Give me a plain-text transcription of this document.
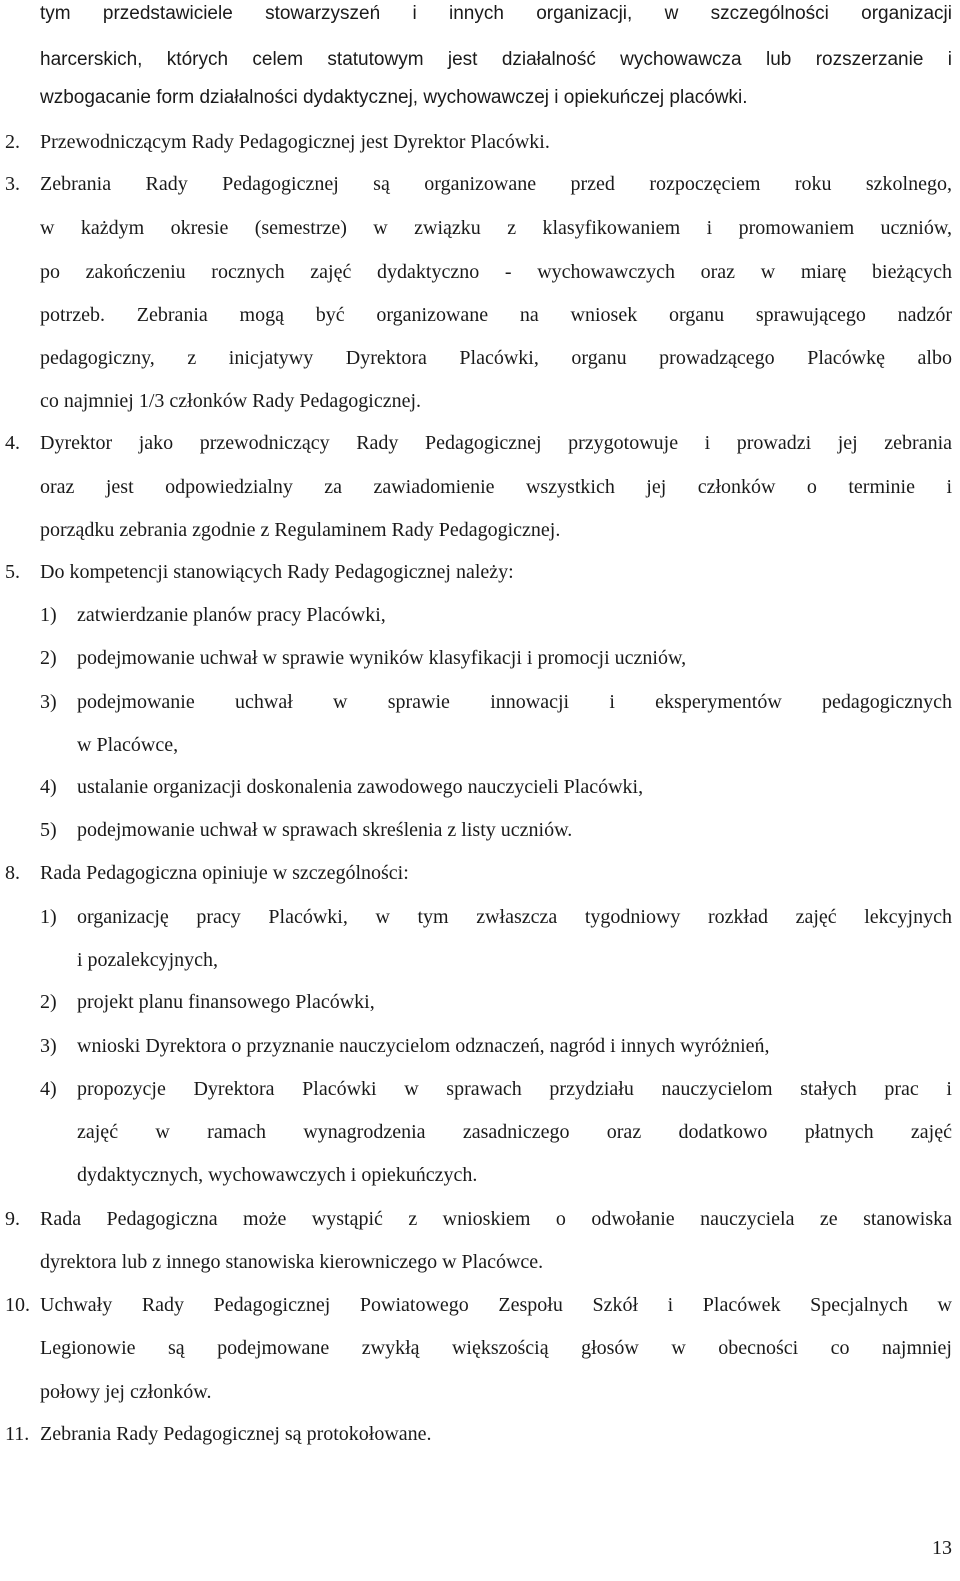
tym przedstawiciele stowarzyszeń i innych organizacji, w szczególności organizacji
harcerskich, których celem statutowym jest działalność wychowawcza lub rozszerzanie i
wzbogacanie form działalności dydaktycznej, wychowawczej i opiekuńczej placówki.
2. Przewodniczącym Rady Pedagogicznej jest Dyrektor Placówki.
3. Zebrania Rady Pedagogicznej są organizowane przed rozpoczęciem roku szkolnego,
w każdym okresie (semestrze) w związku z klasyfikowaniem i promowaniem uczniów,
po zakończeniu rocznych zajęć dydaktyczno - wychowawczych oraz w miarę bieżących
potrzeb. Zebrania mogą być organizowane na wniosek organu sprawującego nadzór
pedagogiczny, z inicjatywy Dyrektora Placówki, organu prowadzącego Placówkę albo
co najmniej 1/3 członków Rady Pedagogicznej.
4. Dyrektor jako przewodniczący Rady Pedagogicznej przygotowuje i prowadzi jej zebrania
oraz jest odpowiedzialny za zawiadomienie wszystkich jej członków o terminie i
porządku zebrania zgodnie z Regulaminem Rady Pedagogicznej.
5. Do kompetencji stanowiących Rady Pedagogicznej należy:
1) zatwierdzanie planów pracy Placówki,
2) podejmowanie uchwał w sprawie wyników klasyfikacji i promocji uczniów,
3) podejmowanie uchwał w sprawie innowacji i eksperymentów pedagogicznych
w Placówce,
4) ustalanie organizacji doskonalenia zawodowego nauczycieli Placówki,
5) podejmowanie uchwał w sprawach skreślenia z listy uczniów.
8. Rada Pedagogiczna opiniuje w szczególności:
1) organizację pracy Placówki, w tym zwłaszcza tygodniowy rozkład zajęć lekcyjnych
i pozalekcyjnych,
2) projekt planu finansowego Placówki,
3) wnioski Dyrektora o przyznanie nauczycielom odznaczeń, nagród i innych wyróżnień,
4) propozycje Dyrektora Placówki w sprawach przydziału nauczycielom stałych prac i
zajęć w ramach wynagrodzenia zasadniczego oraz dodatkowo płatnych zajęć
dydaktycznych, wychowawczych i opiekuńczych.
9. Rada Pedagogiczna może wystąpić z wnioskiem o odwołanie nauczyciela ze stanowiska
dyrektora lub z innego stanowiska kierowniczego w Placówce.
10. Uchwały Rady Pedagogicznej Powiatowego Zespołu Szkół i Placówek Specjalnych w
Legionowie są podejmowane zwykłą większością głosów w obecności co najmniej
połowy jej członków.
11. Zebrania Rady Pedagogicznej są protokołowane.
13
